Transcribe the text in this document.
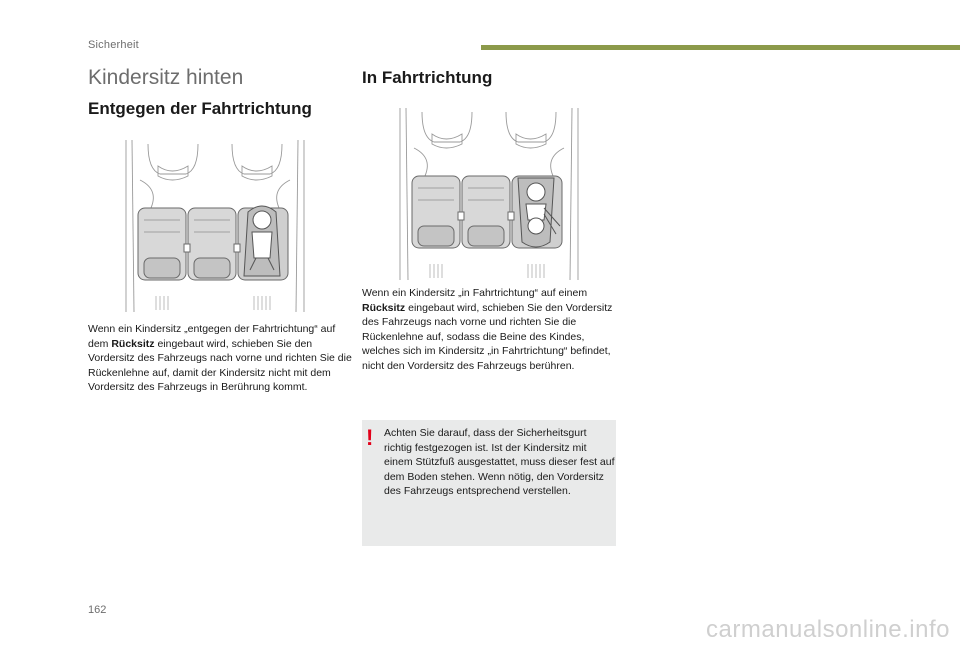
Sicherheit
Kindersitz hinten
Entgegen der Fahrtrichtung
Wenn ein Kindersitz „entgegen der Fahrtrichtung“ auf dem Rücksitz eingebaut wird, schieben Sie den Vordersitz des Fahrzeugs nach vorne und richten Sie die Rückenlehne auf, damit der Kindersitz nicht mit dem Vordersitz des Fahrzeugs in Berührung kommt.
In Fahrtrichtung
Wenn ein Kindersitz „in Fahrtrichtung“ auf einem Rücksitz eingebaut wird, schieben Sie den Vordersitz des Fahrzeugs nach vorne und richten Sie die Rückenlehne auf, sodass die Beine des Kindes, welches sich im Kindersitz „in Fahrtrichtung“ befindet, nicht den Vordersitz des Fahrzeugs berühren.
! Achten Sie darauf, dass der Sicherheitsgurt richtig festgezogen ist. Ist der Kindersitz mit einem Stützfuß ausgestattet, muss dieser fest auf dem Boden stehen. Wenn nötig, den Vordersitz des Fahrzeugs entsprechend verstellen.
162
carmanualsonline.info
